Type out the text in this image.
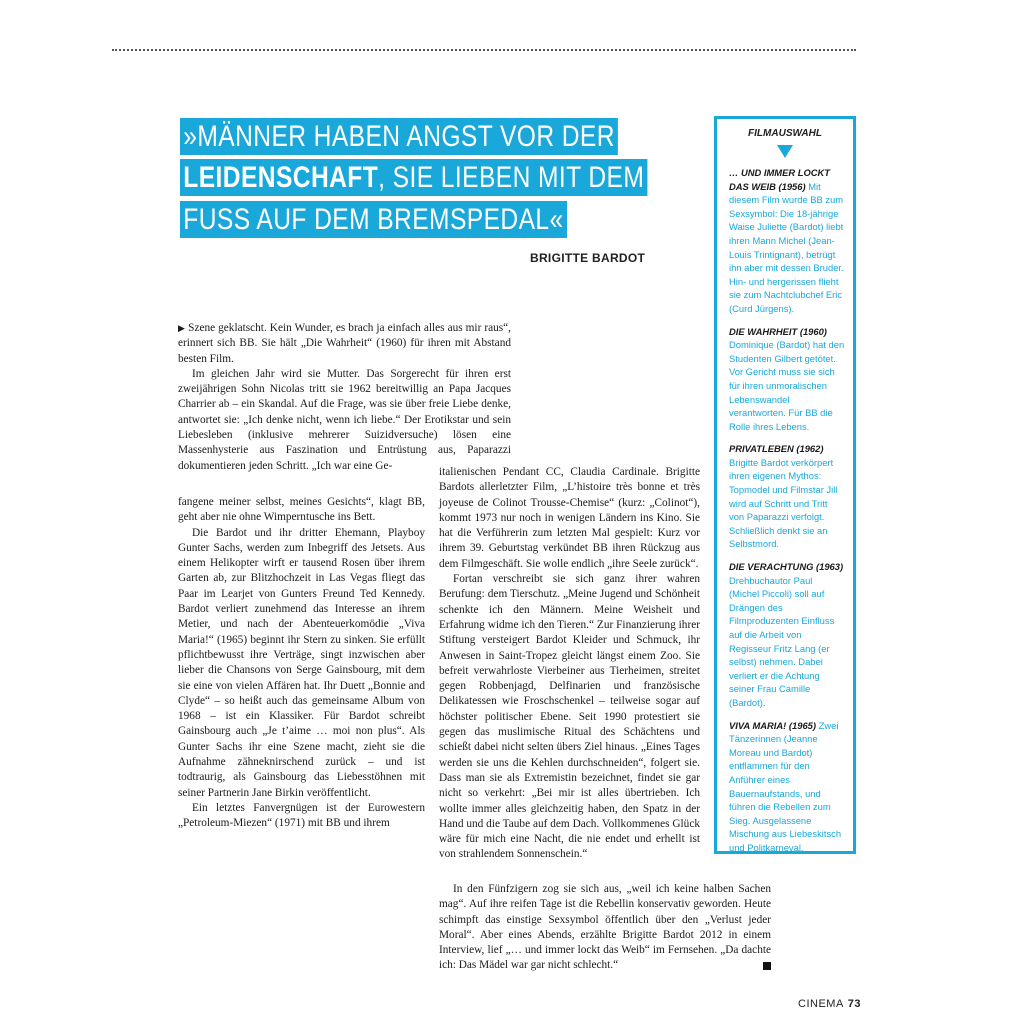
»MÄNNER HABEN ANGST VOR DER
LEIDENSCHAFT, SIE LIEBEN MIT DEM
FUSS AUF DEM BREMSPEDAL«
BRIGITTE BARDOT

▶ Szene geklatscht. Kein Wunder, es brach ja einfach alles aus mir raus“, erinnert sich BB. Sie hält „Die Wahrheit“ (1960) für ihren mit Abstand besten Film.

Im gleichen Jahr wird sie Mutter. Das Sorgerecht für ihren erst zweijährigen Sohn Nicolas tritt sie 1962 bereitwillig an Papa Jacques Charrier ab – ein Skandal. Auf die Frage, was sie über freie Liebe denke, antwortet sie: „Ich denke nicht, wenn ich liebe.“ Der Erotikstar und sein Liebesleben (inklusive mehrerer Suizidversuche) lösen eine Massenhysterie aus Faszination und Entrüstung aus, Paparazzi dokumentieren jeden Schritt. „Ich war eine Ge-

fangene meiner selbst, meines Gesichts“, klagt BB, geht aber nie ohne Wimperntusche ins Bett.

Die Bardot und ihr dritter Ehemann, Playboy Gunter Sachs, werden zum Inbegriff des Jetsets. Aus einem Helikopter wirft er tausend Rosen über ihrem Garten ab, zur Blitzhochzeit in Las Vegas fliegt das Paar im Learjet von Gunters Freund Ted Kennedy. Bardot verliert zunehmend das Interesse an ihrem Metier, und nach der Abenteuerkomödie „Viva Maria!“ (1965) beginnt ihr Stern zu sinken. Sie erfüllt pflichtbewusst ihre Verträge, singt inzwischen aber lieber die Chansons von Serge Gainsbourg, mit dem sie eine von vielen Affären hat. Ihr Duett „Bonnie and Clyde“ – so heißt auch das gemeinsame Album von 1968 – ist ein Klassiker. Für Bardot schreibt Gainsbourg auch „Je t’aime … moi non plus“. Als Gunter Sachs ihr eine Szene macht, zieht sie die Aufnahme zähneknirschend zurück – und ist todtraurig, als Gainsbourg das Liebesstöhnen mit seiner Partnerin Jane Birkin veröffentlicht.

Ein letztes Fanvergnügen ist der Eurowestern „Petroleum-Miezen“ (1971) mit BB und ihrem

italienischen Pendant CC, Claudia Cardinale. Brigitte Bardots allerletzter Film, „L’histoire très bonne et très joyeuse de Colinot Trousse-Chemise“ (kurz: „Colinot“), kommt 1973 nur noch in wenigen Ländern ins Kino. Sie hat die Verführerin zum letzten Mal gespielt: Kurz vor ihrem 39. Geburtstag verkündet BB ihren Rückzug aus dem Filmgeschäft. Sie wolle endlich „ihre Seele zurück“.

Fortan verschreibt sie sich ganz ihrer wahren Berufung: dem Tierschutz. „Meine Jugend und Schönheit schenkte ich den Männern. Meine Weisheit und Erfahrung widme ich den Tieren.“ Zur Finanzierung ihrer Stiftung versteigert Bardot Kleider und Schmuck, ihr Anwesen in Saint-Tropez gleicht längst einem Zoo. Sie befreit verwahrloste Vierbeiner aus Tierheimen, streitet gegen Robbenjagd, Delfinarien und französische Delikatessen wie Froschschenkel – teilweise sogar auf höchster politischer Ebene. Seit 1990 protestiert sie gegen das muslimische Ritual des Schächtens und schießt dabei nicht selten übers Ziel hinaus. „Eines Tages werden sie uns die Kehlen durchschneiden“, folgert sie. Dass man sie als Extremistin bezeichnet, findet sie gar nicht so verkehrt: „Bei mir ist alles übertrieben. Ich wollte immer alles gleichzeitig haben, den Spatz in der Hand und die Taube auf dem Dach. Vollkommenes Glück wäre für mich eine Nacht, die nie endet und erhellt ist von strahlendem Sonnenschein.“

In den Fünfzigern zog sie sich aus, „weil ich keine halben Sachen mag“. Auf ihre reifen Tage ist die Rebellin konservativ geworden. Heute schimpft das einstige Sexsymbol öffentlich über den „Verlust jeder Moral“. Aber eines Abends, erzählte Brigitte Bardot 2012 in einem Interview, lief „… und immer lockt das Weib“ im Fernsehen. „Da dachte ich: Das Mädel war gar nicht schlecht.“

FILMAUSWAHL
… UND IMMER LOCKT DAS WEIB (1956) Mit diesem Film wurde BB zum Sexsymbol: Die 18-jährige Waise Juliette (Bardot) liebt ihren Mann Michel (Jean-Louis Trintignant), betrügt ihn aber mit dessen Bruder. Hin- und hergerissen flieht sie zum Nachtclubchef Eric (Curd Jürgens).
DIE WAHRHEIT (1960) Dominique (Bardot) hat den Studenten Gilbert getötet. Vor Gericht muss sie sich für ihren unmoralischen Lebenswandel verantworten. Für BB die Rolle ihres Lebens.
PRIVATLEBEN (1962) Brigitte Bardot verkörpert ihren eigenen Mythos: Topmodel und Filmstar Jill wird auf Schritt und Tritt von Paparazzi verfolgt. Schließlich denkt sie an Selbstmord.
DIE VERACHTUNG (1963) Drehbuchautor Paul (Michel Piccoli) soll auf Drängen des Filmproduzenten Einfluss auf die Arbeit von Regisseur Fritz Lang (er selbst) nehmen. Dabei verliert er die Achtung seiner Frau Camille (Bardot).
VIVA MARIA! (1965) Zwei Tänzerinnen (Jeanne Moreau und Bardot) entflammen für den Anführer eines Bauernaufstands, und führen die Rebellen zum Sieg. Ausgelassene Mischung aus Liebeskitsch und Politkarneval.
CINEMA 73
